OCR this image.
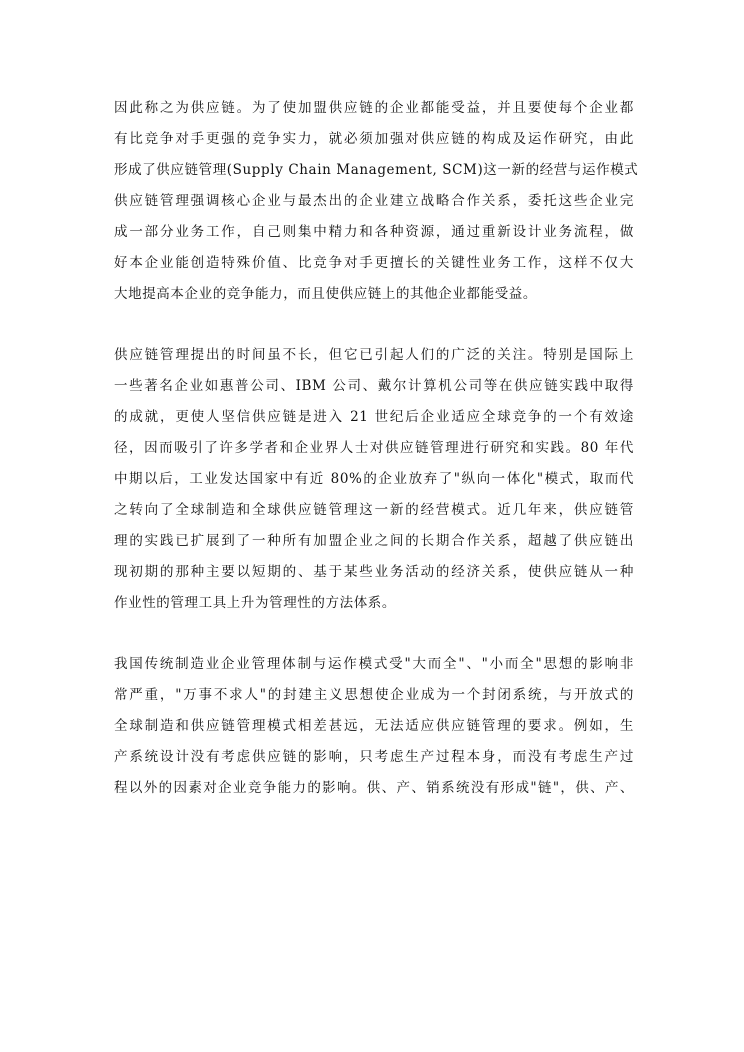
因此称之为供应链。为了使加盟供应链的企业都能受益，并且要使每个企业都
有比竞争对手更强的竞争实力，就必须加强对供应链的构成及运作研究，由此
形成了供应链管理(Supply Chain Management, SCM)这一新的经营与运作模式
供应链管理强调核心企业与最杰出的企业建立战略合作关系，委托这些企业完
成一部分业务工作，自己则集中精力和各种资源，通过重新设计业务流程，做
好本企业能创造特殊价值、比竞争对手更擅长的关键性业务工作，这样不仅大
大地提高本企业的竞争能力，而且使供应链上的其他企业都能受益。
供应链管理提出的时间虽不长，但它已引起人们的广泛的关注。特别是国际上
一些著名企业如惠普公司、IBM 公司、戴尔计算机公司等在供应链实践中取得
的成就，更使人坚信供应链是进入 21 世纪后企业适应全球竞争的一个有效途
径，因而吸引了许多学者和企业界人士对供应链管理进行研究和实践。80 年代
中期以后，工业发达国家中有近 80%的企业放弃了"纵向一体化"模式，取而代
之转向了全球制造和全球供应链管理这一新的经营模式。近几年来，供应链管
理的实践已扩展到了一种所有加盟企业之间的长期合作关系，超越了供应链出
现初期的那种主要以短期的、基于某些业务活动的经济关系，使供应链从一种
作业性的管理工具上升为管理性的方法体系。
我国传统制造业企业管理体制与运作模式受"大而全"、"小而全"思想的影响非
常严重，"万事不求人"的封建主义思想使企业成为一个封闭系统，与开放式的
全球制造和供应链管理模式相差甚远，无法适应供应链管理的要求。例如，生
产系统设计没有考虑供应链的影响，只考虑生产过程本身，而没有考虑生产过
程以外的因素对企业竞争能力的影响。供、产、销系统没有形成"链"，供、产、
